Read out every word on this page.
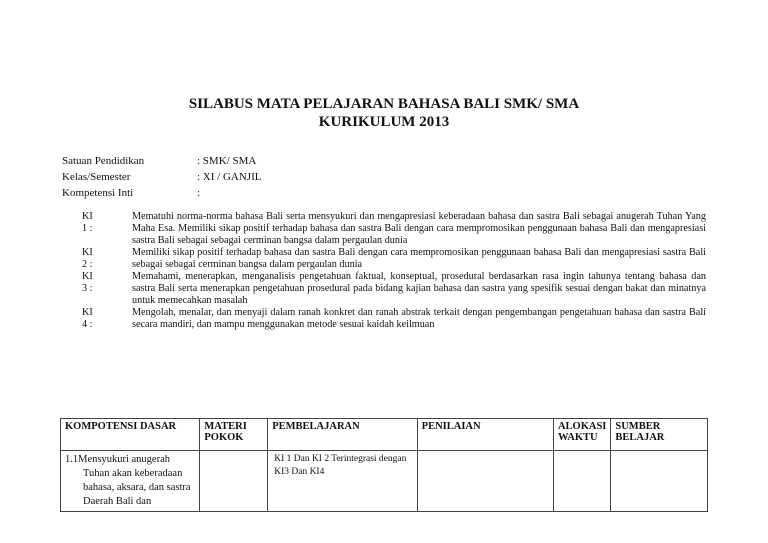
SILABUS MATA PELAJARAN BAHASA BALI SMK/ SMA
KURIKULUM 2013
Satuan Pendidikan	: SMK/ SMA
Kelas/Semester	: XI / GANJIL
Kompetensi Inti	:
KI 1 :
Mematuhi norma-norma bahasa Bali serta mensyukuri dan mengapresiasi keberadaan bahasa dan sastra Bali sebagai anugerah Tuhan Yang Maha Esa. Memiliki sikap positif terhadap bahasa dan sastra Bali dengan cara mempromosikan penggunaan bahasa Bali dan mengapresiasi sastra Bali sebagai sebagai cerminan bangsa dalam pergaulan dunia
KI 2 :
Memiliki sikap positif terhadap bahasa dan sastra Bali dengan cara mempromosikan penggunaan bahasa Bali dan mengapresiasi sastra Bali sebagai sebagai cerminan bangsa dalam pergaulan dunia
KI 3 :
Memahami, menerapkan, menganalisis pengetahuan faktual, konseptual, prosedural berdasarkan rasa ingin tahunya tentang bahasa dan sastra Bali serta menerapkan pengetahuan prosedural pada bidang kajian bahasa dan sastra yang spesifik sesuai dengan bakat dan minatnya untuk memecahkan masalah
KI 4 :
Mengolah, menalar, dan menyaji dalam ranah konkret dan ranah abstrak terkait dengan pengembangan pengetahuan bahasa dan sastra Bali secara mandiri, dan mampu menggunakan metode sesuai kaidah keilmuan
KOMPOTENSI DASAR	MATERI POKOK	PEMBELAJARAN	PENILAIAN	ALOKASI WAKTU	SUMBER BELAJAR
1.1Mensyukuri anugerah
Tuhan akan keberadaan bahasa, aksara, dan sastra Daerah Bali dan		KI 1 Dan KI 2 Terintegrasi dengan KI3 Dan KI4			
